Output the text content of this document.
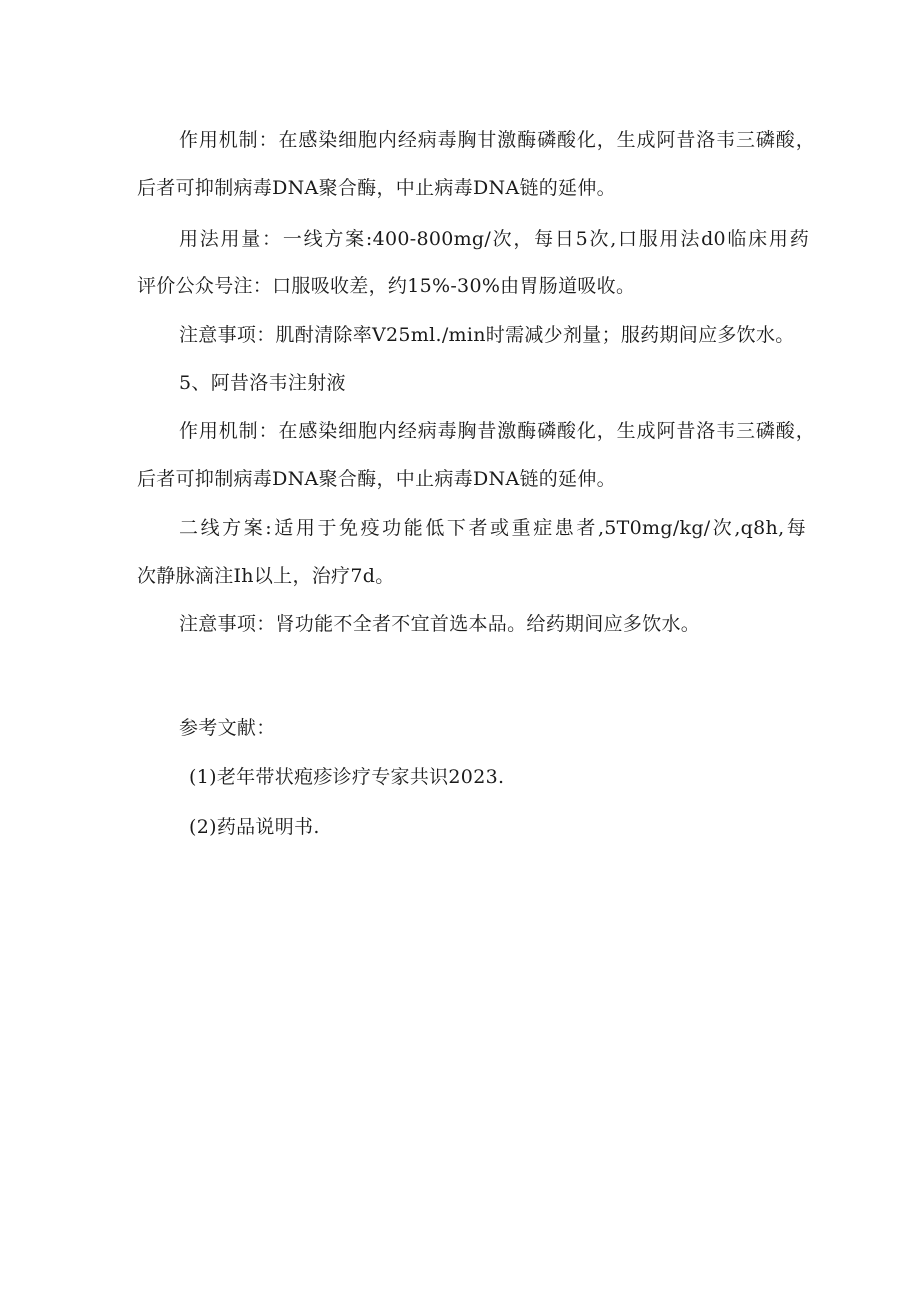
作用机制：在感染细胞内经病毒胸甘激酶磷酸化，生成阿昔洛韦三磷酸，
后者可抑制病毒DNA聚合酶，中止病毒DNA链的延伸。
用法用量：一线方案:400-800mg/次，每日5次,口服用法d0临床用药
评价公众号注：口服吸收差，约15%-30%由胃肠道吸收。
注意事项：肌酎清除率V25ml./min时需减少剂量；服药期间应多饮水。
5、阿昔洛韦注射液
作用机制：在感染细胞内经病毒胸昔激酶磷酸化，生成阿昔洛韦三磷酸，
后者可抑制病毒DNA聚合酶，中止病毒DNA链的延伸。
二线方案:适用于免疫功能低下者或重症患者,5T0mg/kg/次,q8h,每
次静脉滴注Ih以上，治疗7d。
注意事项：肾功能不全者不宜首选本品。给药期间应多饮水。
参考文献：
(1)老年带状疱疹诊疗专家共识2023.
(2)药品说明书.
